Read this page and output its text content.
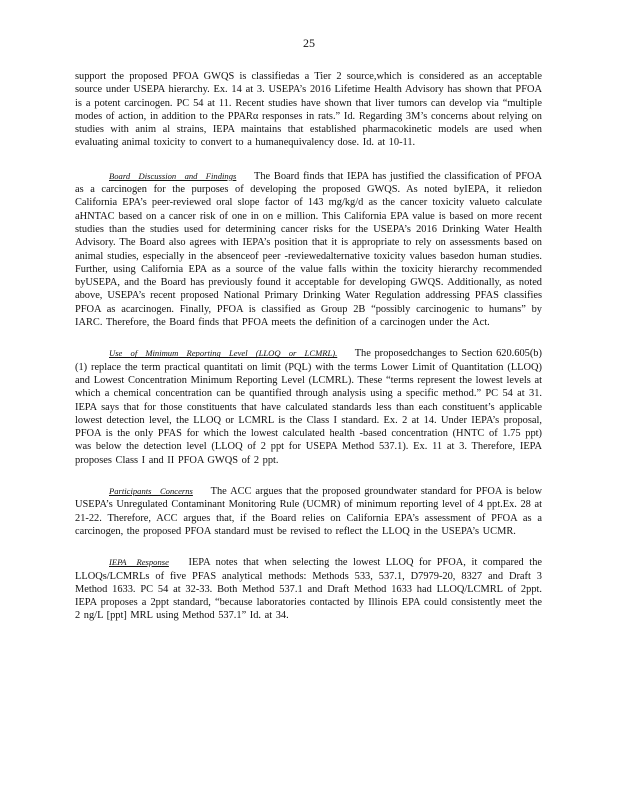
25

support the proposed PFOA GWQS is classifiedas a Tier 2 source,which is considered as an acceptable source under USEPA hierarchy. Ex. 14 at 3. USEPA’s 2016 Lifetime Health Advisory has shown that PFOA is a potent carcinogen. PC 54 at 11. Recent studies have shown that liver tumors can develop via “multiple modes of action, in addition to the PPARα responses in rats.” Id. Regarding 3M’s concerns about relying on studies with anim al strains, IEPA maintains that established pharmacokinetic models are used when evaluating animal toxicity to convert to a humanequivalency dose. Id. at 10-11.

Board Discussion and Findings The Board finds that IEPA has justified the classification of PFOA as a carcinogen for the purposes of developing the proposed GWQS. As noted byIEPA, it reliedon California EPA’s peer-reviewed oral slope factor of 143 mg/kg/d as the cancer toxicity valueto calculate aHNTAC based on a cancer risk of one in on e million. This California EPA value is based on more recent studies than the studies used for determining cancer risks for the USEPA’s 2016 Drinking Water Health Advisory. The Board also agrees with IEPA’s position that it is appropriate to rely on assessments based on animal studies, especially in the absenceof peer -reviewedalternative toxicity values basedon human studies. Further, using California EPA as a source of the value falls within the toxicity hierarchy recommended byUSEPA, and the Board has previously found it acceptable for developing GWQS. Additionally, as noted above, USEPA’s recent proposed National Primary Drinking Water Regulation addressing PFAS classifies PFOA as acarcinogen. Finally, PFOA is classified as Group 2B “possibly carcinogenic to humans” by IARC. Therefore, the Board finds that PFOA meets the definition of a carcinogen under the Act.

Use of Minimum Reporting Level (LLOQ or LCMRL). The proposedchanges to Section 620.605(b)(1) replace the term practical quantitati on limit (PQL) with the terms Lower Limit of Quantitation (LLOQ) and Lowest Concentration Minimum Reporting Level (LCMRL). These “terms represent the lowest levels at which a chemical concentration can be quantified through analysis using a specific method.” PC 54 at 31. IEPA says that for those constituents that have calculated standards less than each constituent’s applicable lowest detection level, the LLOQ or LCMRL is the Class I standard. Ex. 2 at 14. Under IEPA’s proposal, PFOA is the only PFAS for which the lowest calculated health -based concentration (HNTC of 1.75 ppt) was below the detection level (LLOQ of 2 ppt for USEPA Method 537.1). Ex. 11 at 3. Therefore, IEPA proposes Class I and II PFOA GWQS of 2 ppt.

Participants Concerns The ACC argues that the proposed groundwater standard for PFOA is below USEPA’s Unregulated Contaminant Monitoring Rule (UCMR) of minimum reporting level of 4 ppt.Ex. 28 at 21-22. Therefore, ACC argues that, if the Board relies on California EPA’s assessment of PFOA as a carcinogen, the proposed PFOA standard must be revised to reflect the LLOQ in the USEPA’s UCMR.

IEPA Response IEPA notes that when selecting the lowest LLOQ for PFOA, it compared the LLOQs/LCMRLs of five PFAS analytical methods: Methods 533, 537.1, D7979-20, 8327 and Draft 3 Method 1633. PC 54 at 32-33. Both Method 537.1 and Draft Method 1633 had LLOQ/LCMRL of 2ppt. IEPA proposes a 2ppt standard, “because laboratories contacted by Illinois EPA could consistently meet the 2 ng/L [ppt] MRL using Method 537.1” Id. at 34.
